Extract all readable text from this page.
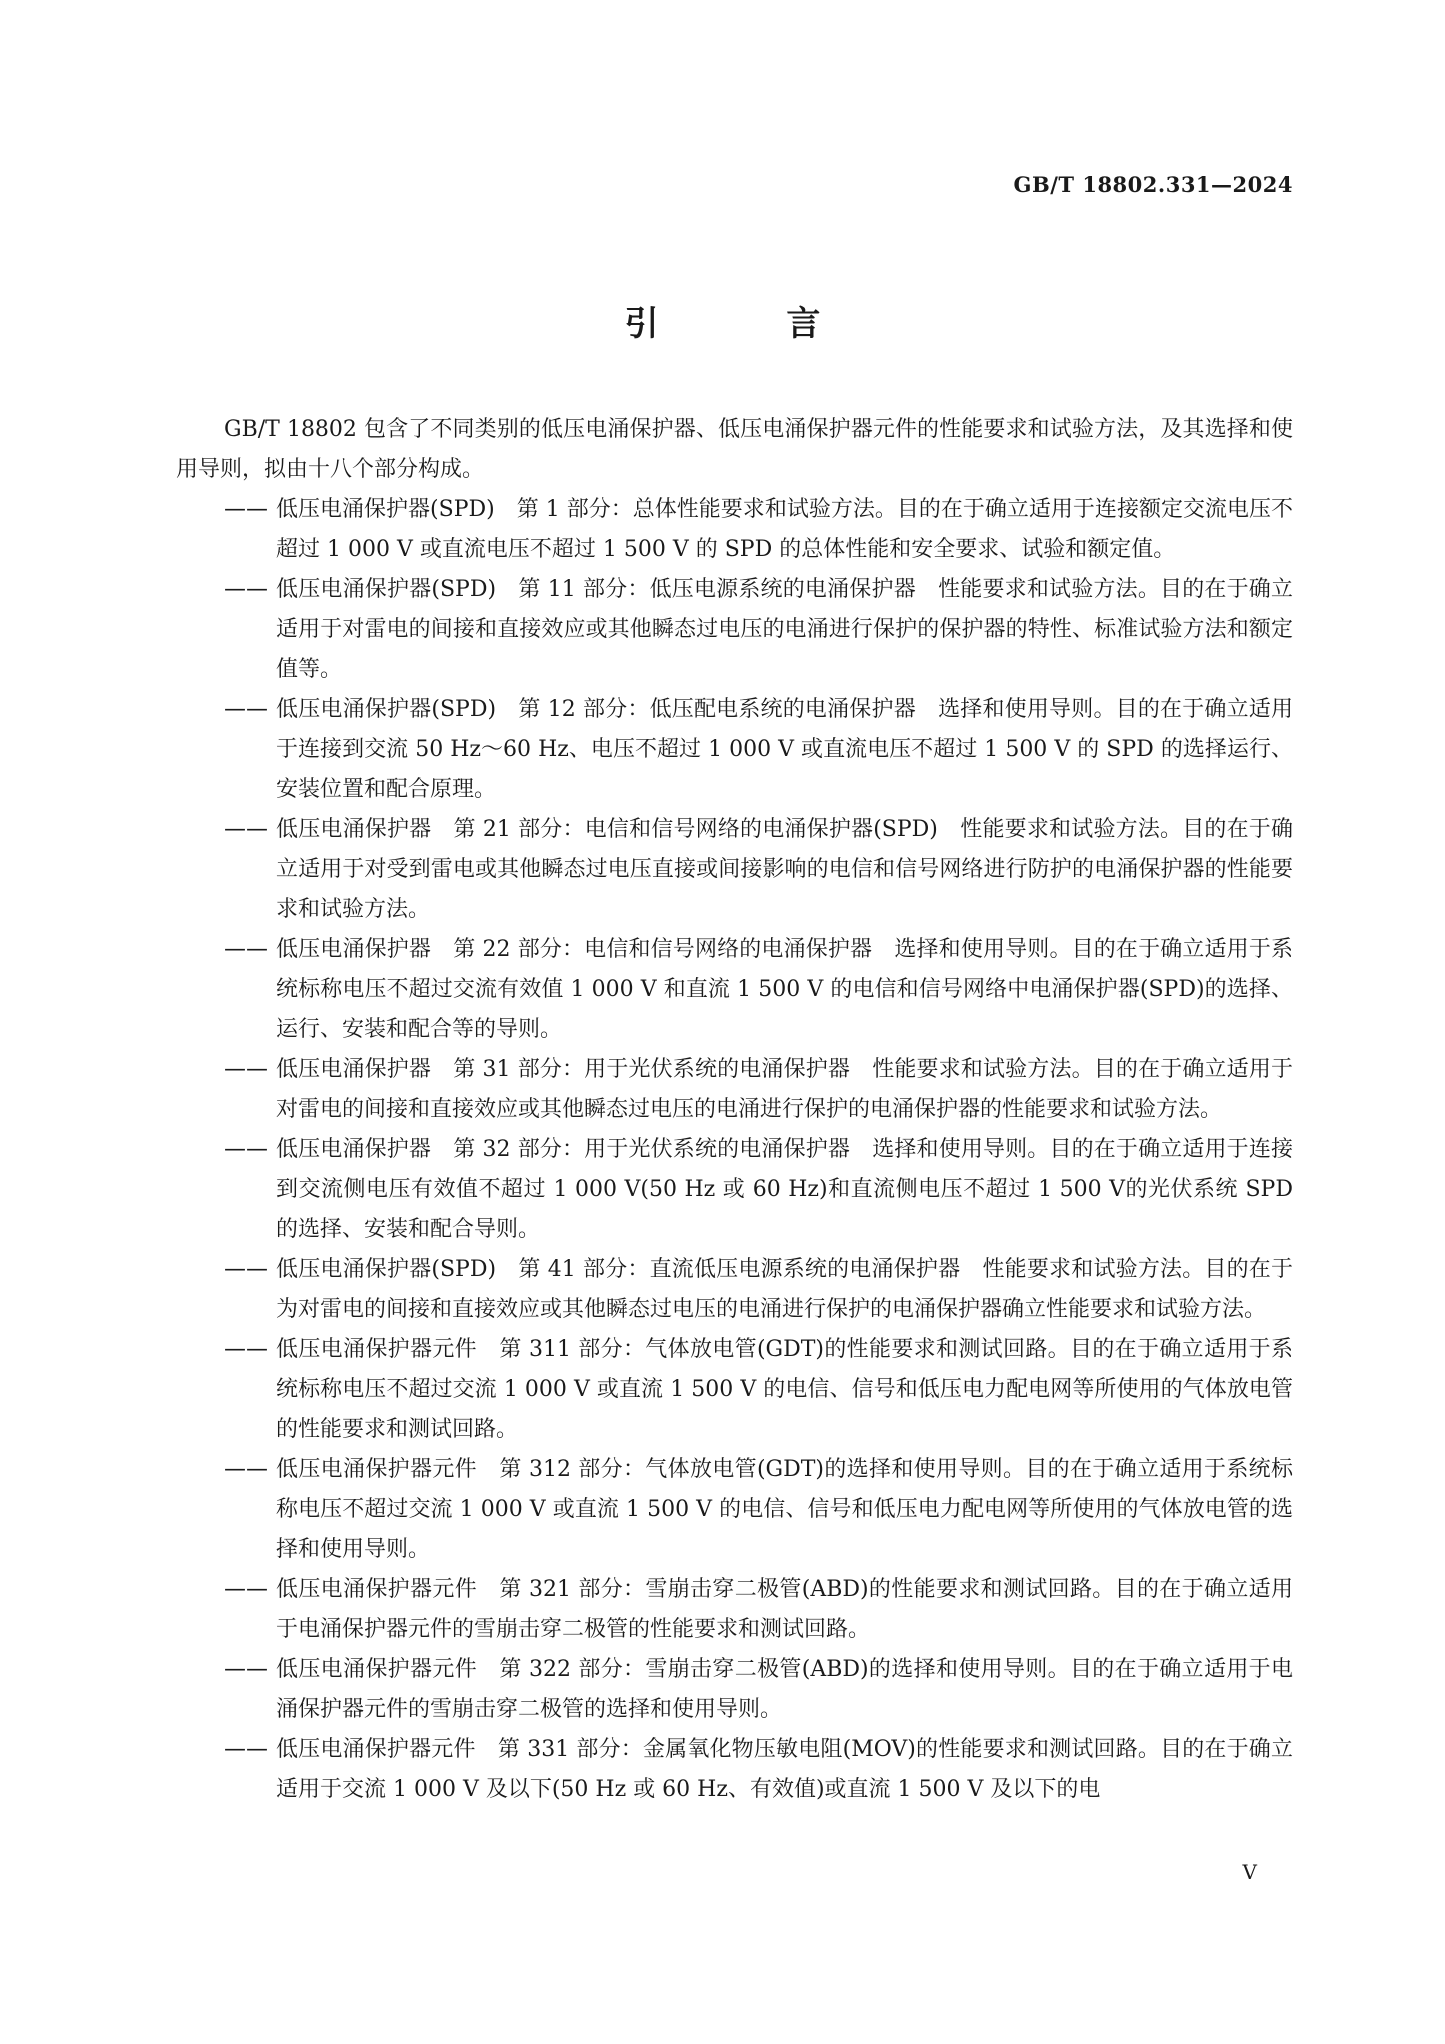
GB/T 18802.331—2024
引 言

GB/T 18802 包含了不同类别的低压电涌保护器、低压电涌保护器元件的性能要求和试验方法，及其选择和使用导则，拟由十八个部分构成。

—— 低压电涌保护器(SPD)　第 1 部分：总体性能要求和试验方法。目的在于确立适用于连接额定交流电压不超过 1 000 V 或直流电压不超过 1 500 V 的 SPD 的总体性能和安全要求、试验和额定值。
—— 低压电涌保护器(SPD)　第 11 部分：低压电源系统的电涌保护器　性能要求和试验方法。目的在于确立适用于对雷电的间接和直接效应或其他瞬态过电压的电涌进行保护的保护器的特性、标准试验方法和额定值等。
—— 低压电涌保护器(SPD)　第 12 部分：低压配电系统的电涌保护器　选择和使用导则。目的在于确立适用于连接到交流 50 Hz～60 Hz、电压不超过 1 000 V 或直流电压不超过 1 500 V 的 SPD 的选择运行、安装位置和配合原理。
—— 低压电涌保护器　第 21 部分：电信和信号网络的电涌保护器(SPD)　性能要求和试验方法。目的在于确立适用于对受到雷电或其他瞬态过电压直接或间接影响的电信和信号网络进行防护的电涌保护器的性能要求和试验方法。
—— 低压电涌保护器　第 22 部分：电信和信号网络的电涌保护器　选择和使用导则。目的在于确立适用于系统标称电压不超过交流有效值 1 000 V 和直流 1 500 V 的电信和信号网络中电涌保护器(SPD)的选择、运行、安装和配合等的导则。
—— 低压电涌保护器　第 31 部分：用于光伏系统的电涌保护器　性能要求和试验方法。目的在于确立适用于对雷电的间接和直接效应或其他瞬态过电压的电涌进行保护的电涌保护器的性能要求和试验方法。
—— 低压电涌保护器　第 32 部分：用于光伏系统的电涌保护器　选择和使用导则。目的在于确立适用于连接到交流侧电压有效值不超过 1 000 V(50 Hz 或 60 Hz)和直流侧电压不超过 1 500 V的光伏系统 SPD 的选择、安装和配合导则。
—— 低压电涌保护器(SPD)　第 41 部分：直流低压电源系统的电涌保护器　性能要求和试验方法。目的在于为对雷电的间接和直接效应或其他瞬态过电压的电涌进行保护的电涌保护器确立性能要求和试验方法。
—— 低压电涌保护器元件　第 311 部分：气体放电管(GDT)的性能要求和测试回路。目的在于确立适用于系统标称电压不超过交流 1 000 V 或直流 1 500 V 的电信、信号和低压电力配电网等所使用的气体放电管的性能要求和测试回路。
—— 低压电涌保护器元件　第 312 部分：气体放电管(GDT)的选择和使用导则。目的在于确立适用于系统标称电压不超过交流 1 000 V 或直流 1 500 V 的电信、信号和低压电力配电网等所使用的气体放电管的选择和使用导则。
—— 低压电涌保护器元件　第 321 部分：雪崩击穿二极管(ABD)的性能要求和测试回路。目的在于确立适用于电涌保护器元件的雪崩击穿二极管的性能要求和测试回路。
—— 低压电涌保护器元件　第 322 部分：雪崩击穿二极管(ABD)的选择和使用导则。目的在于确立适用于电涌保护器元件的雪崩击穿二极管的选择和使用导则。
—— 低压电涌保护器元件　第 331 部分：金属氧化物压敏电阻(MOV)的性能要求和测试回路。目的在于确立适用于交流 1 000 V 及以下(50 Hz 或 60 Hz、有效值)或直流 1 500 V 及以下的电
V
